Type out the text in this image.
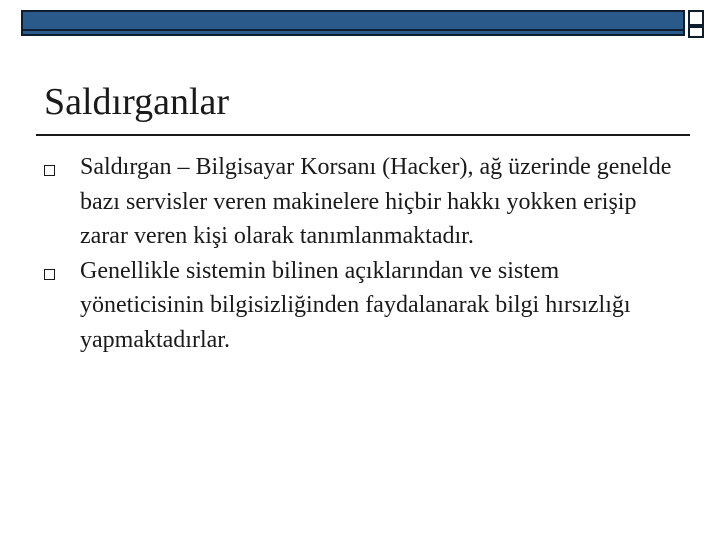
Saldırganlar
Saldırgan – Bilgisayar Korsanı (Hacker), ağ üzerinde genelde bazı servisler veren makinelere hiçbir hakkı yokken erişip zarar veren kişi olarak tanımlanmaktadır.
Genellikle sistemin bilinen açıklarından ve sistem yöneticisinin bilgisizliğinden faydalanarak bilgi hırsızlığı yapmaktadırlar.
